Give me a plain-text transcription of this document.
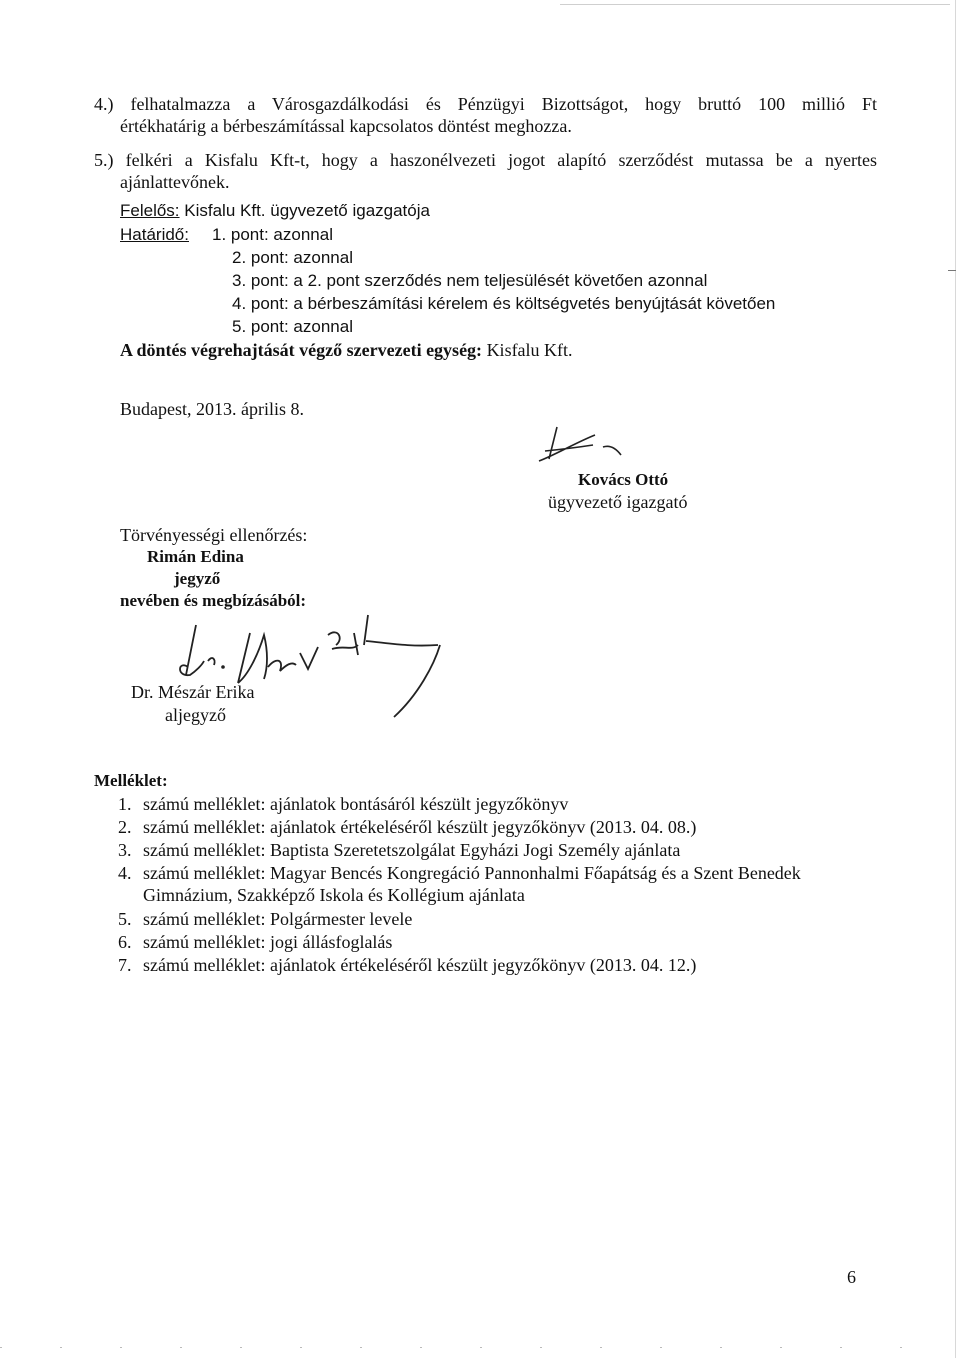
4.) felhatalmazza a Városgazdálkodási és Pénzügyi Bizottságot, hogy bruttó 100 millió Ft
értékhatárig a bérbeszámítással kapcsolatos döntést meghozza.
5.) felkéri a Kisfalu Kft-t, hogy a haszonélvezeti jogot alapító szerződést mutassa be a nyertes
ajánlattevőnek.
Felelős: Kisfalu Kft. ügyvezető igazgatója
Határidő: 1. pont: azonnal
2. pont: azonnal
3. pont: a 2. pont szerződés nem teljesülését követően azonnal
4. pont: a bérbeszámítási kérelem és költségvetés benyújtását követően
5. pont: azonnal
A döntés végrehajtását végző szervezeti egység: Kisfalu Kft.
Budapest, 2013. április 8.
Kovács Ottó
ügyvezető igazgató
Törvényességi ellenőrzés:
Rimán Edina
jegyző
nevében és megbízásából:
Dr. Mészár Erika
aljegyző
Melléklet:
1. számú melléklet: ajánlatok bontásáról készült jegyzőkönyv
2. számú melléklet: ajánlatok értékeléséről készült jegyzőkönyv (2013. 04. 08.)
3. számú melléklet: Baptista Szeretetszolgálat Egyházi Jogi Személy ajánlata
4. számú melléklet: Magyar Bencés Kongregáció Pannonhalmi Főapátság és a Szent Benedek
Gimnázium, Szakképző Iskola és Kollégium ajánlata
5. számú melléklet: Polgármester levele
6. számú melléklet: jogi állásfoglalás
7. számú melléklet: ajánlatok értékeléséről készült jegyzőkönyv (2013. 04. 12.)
6
